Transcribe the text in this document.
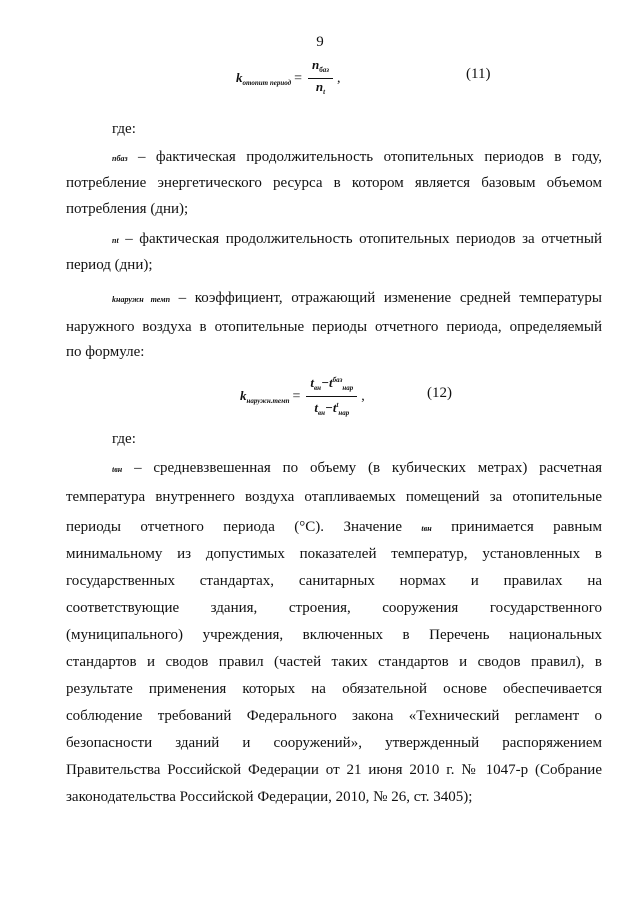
9
$k_{отопит период} = \frac{n_{баз}}{n_t}$ ,	(11)
где:
nбаз – фактическая продолжительность отопительных периодов в году,
потребление энергетического ресурса в котором является базовым объемом
потребления (дни);
nt – фактическая продолжительность отопительных периодов за отчетный
период (дни);
kнаружн темп – коэффициент, отражающий изменение средней температуры
наружного воздуха в отопительные периоды отчетного периода, определяемый
по формуле:
$k_{наружн.темп} = \frac{t_{вн}-t^{баз}_{нар}}{t_{вн}-t^t_{нар}}$ ,	(12)
где:
tвн – средневзвешенная по объему (в кубических метрах) расчетная
температура внутреннего воздуха отапливаемых помещений за отопительные
периоды отчетного периода (°С). Значение tвн принимается равным
минимальному из допустимых показателей температур, установленных в
государственных стандартах, санитарных нормах и правилах на
соответствующие здания, строения, сооружения государственного
(муниципального) учреждения, включенных в Перечень национальных
стандартов и сводов правил (частей таких стандартов и сводов правил), в
результате применения которых на обязательной основе обеспечивается
соблюдение требований Федерального закона «Технический регламент о
безопасности зданий и сооружений», утвержденный распоряжением
Правительства Российской Федерации от 21 июня 2010 г. № 1047-р (Собрание
законодательства Российской Федерации, 2010, № 26, ст. 3405);
